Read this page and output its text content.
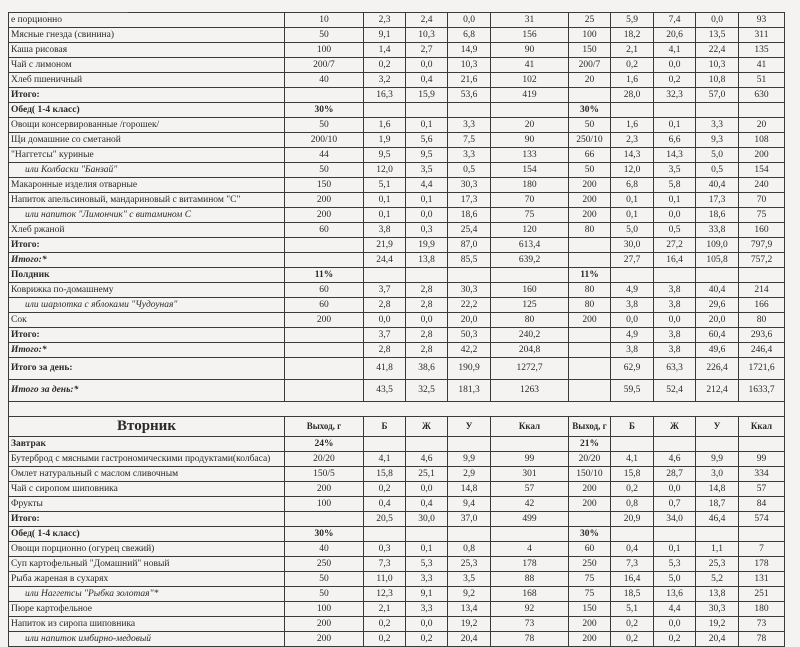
е порционно	10	2,3	2,4	0,0	31	25	5,9	7,4	0,0	93
Мясные гнезда (свинина)	50	9,1	10,3	6,8	156	100	18,2	20,6	13,5	311
Каша рисовая	100	1,4	2,7	14,9	90	150	2,1	4,1	22,4	135
Чай с лимоном	200/7	0,2	0,0	10,3	41	200/7	0,2	0,0	10,3	41
Хлеб пшеничный	40	3,2	0,4	21,6	102	20	1,6	0,2	10,8	51
Итого:		16,3	15,9	53,6	419		28,0	32,3	57,0	630
Обед( 1-4 класс)	30%					30%				
Овощи консервированные /горошек/	50	1,6	0,1	3,3	20	50	1,6	0,1	3,3	20
Щи домашние со сметаной	200/10	1,9	5,6	7,5	90	250/10	2,3	6,6	9,3	108
"Наггетсы" куриные	44	9,5	9,5	3,3	133	66	14,3	14,3	5,0	200
или Колбаски "Банзай"	50	12,0	3,5	0,5	154	50	12,0	3,5	0,5	154
Макаронные изделия отварные	150	5,1	4,4	30,3	180	200	6,8	5,8	40,4	240
Напиток апельсиновый, мандариновый с витамином "С"	200	0,1	0,1	17,3	70	200	0,1	0,1	17,3	70
или напиток "Лимончик" с витамином С	200	0,1	0,0	18,6	75	200	0,1	0,0	18,6	75
Хлеб ржаной	60	3,8	0,3	25,4	120	80	5,0	0,5	33,8	160
Итого:		21,9	19,9	87,0	613,4		30,0	27,2	109,0	797,9
Итого:*		24,4	13,8	85,5	639,2		27,7	16,4	105,8	757,2
Полдник	11%					11%				
Коврижка по-домашнему	60	3,7	2,8	30,3	160	80	4,9	3,8	40,4	214
или шарлотка с яблоками "Чудоуная"	60	2,8	2,8	22,2	125	80	3,8	3,8	29,6	166
Сок	200	0,0	0,0	20,0	80	200	0,0	0,0	20,0	80
Итого:		3,7	2,8	50,3	240,2		4,9	3,8	60,4	293,6
Итого:*		2,8	2,8	42,2	204,8		3,8	3,8	49,6	246,4
Итого за день:		41,8	38,6	190,9	1272,7		62,9	63,3	226,4	1721,6
Итого за день:*		43,5	32,5	181,3	1263		59,5	52,4	212,4	1633,7

Вторник	Выход, г	Б	Ж	У	Ккал	Выход, г	Б	Ж	У	Ккал
Завтрак	24%					21%				
Бутерброд с мясными гастрономическими продуктами(колбаса)	20/20	4,1	4,6	9,9	99	20/20	4,1	4,6	9,9	99
Омлет натуральный с маслом сливочным	150/5	15,8	25,1	2,9	301	150/10	15,8	28,7	3,0	334
Чай с сиропом шиповника	200	0,2	0,0	14,8	57	200	0,2	0,0	14,8	57
Фрукты	100	0,4	0,4	9,4	42	200	0,8	0,7	18,7	84
Итого:		20,5	30,0	37,0	499		20,9	34,0	46,4	574
Обед( 1-4 класс)	30%					30%				
Овощи порционно (огурец свежий)	40	0,3	0,1	0,8	4	60	0,4	0,1	1,1	7
Суп картофельный "Домашний" новый	250	7,3	5,3	25,3	178	250	7,3	5,3	25,3	178
Рыба жареная в сухарях	50	11,0	3,3	3,5	88	75	16,4	5,0	5,2	131
или Наггетсы "Рыбка золотая"*	50	12,3	9,1	9,2	168	75	18,5	13,6	13,8	251
Пюре картофельное	100	2,1	3,3	13,4	92	150	5,1	4,4	30,3	180
Напиток из сиропа шиповника	200	0,2	0,0	19,2	73	200	0,2	0,0	19,2	73
или напиток имбирно-медовый	200	0,2	0,2	20,4	78	200	0,2	0,2	20,4	78
